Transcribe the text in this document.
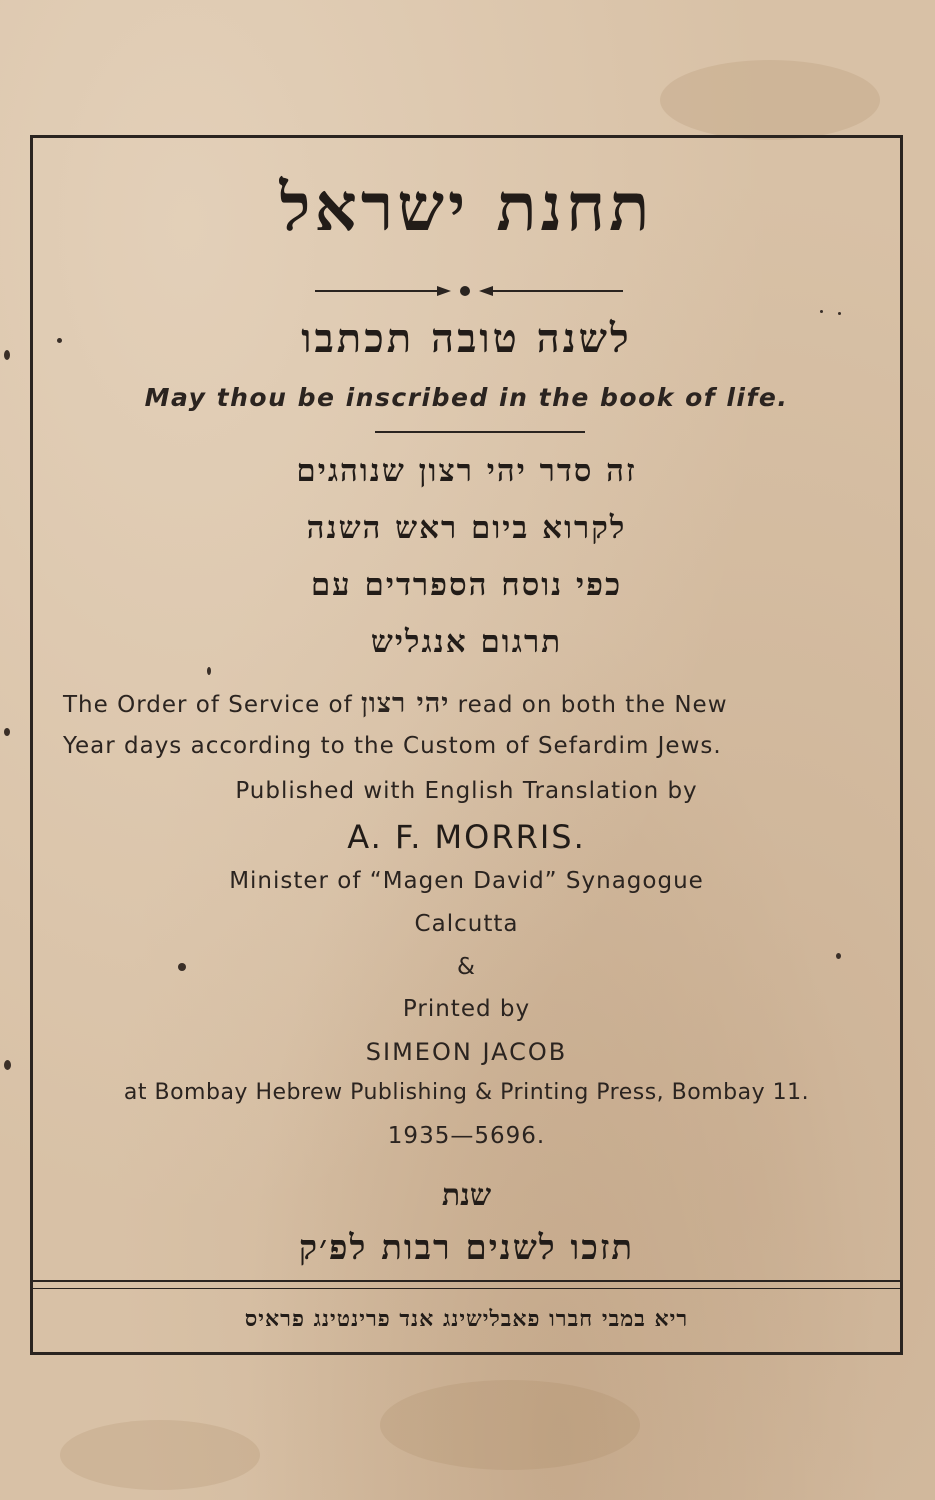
תחנת ישראל
לשנה טובה תכתבו
May thou be inscribed in the book of life.
זה סדר יהי רצון שנוהגים
לקרוא ביום ראש השנה
כפי נוסח הספרדים עם
תרגום אנגליש
The Order of Service of יהי רצון read on both the New
Year days according to the Custom of Sefardim Jews.
Published with English Translation by
A. F. MORRIS.
Minister of “Magen David” Synagogue
Calcutta
&
Printed by
SIMEON JACOB
at Bombay Hebrew Publishing & Printing Press, Bombay 11.
1935—5696.
שנת
תזכו לשנים רבות לפ׳ק
ריא במבי חברו פאבלישינג אנד פרינטינג פראיס
